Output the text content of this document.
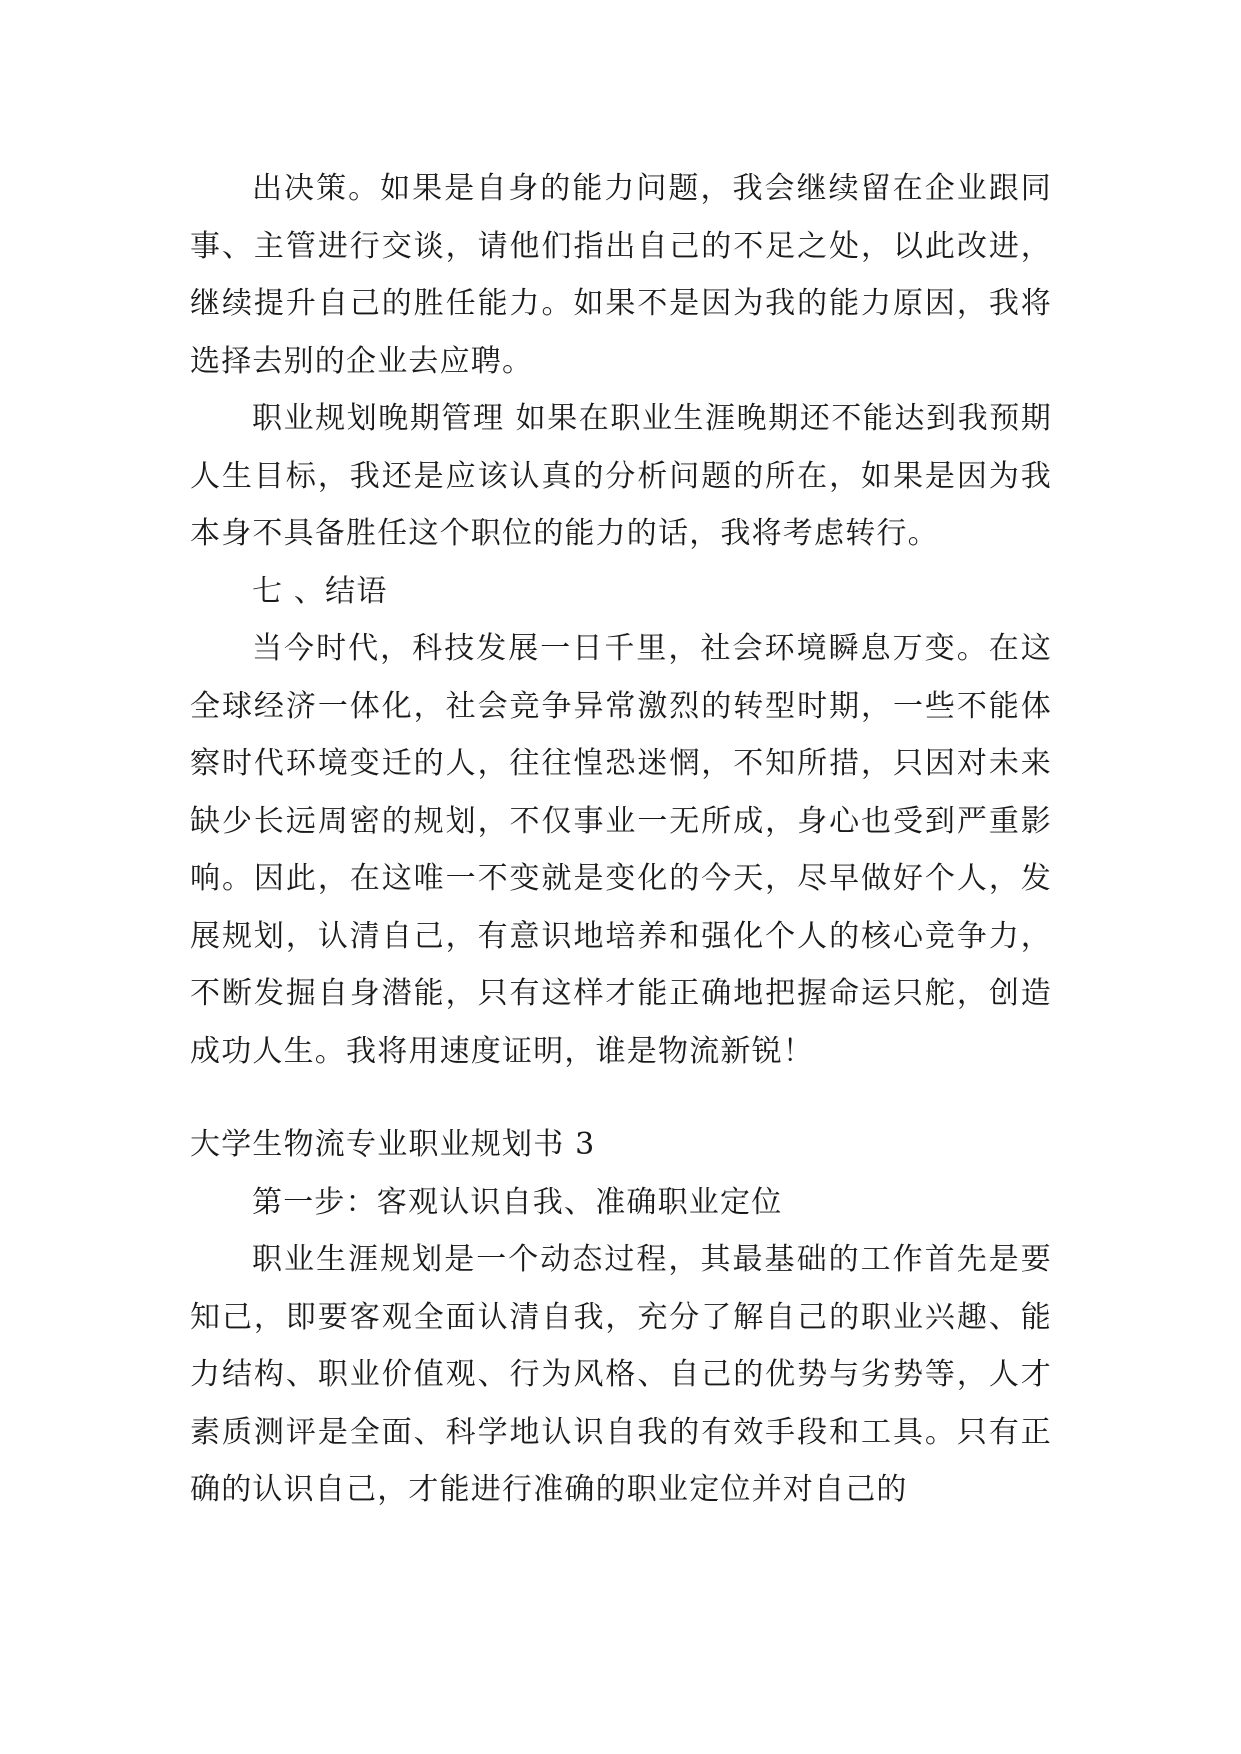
出决策。如果是自身的能力问题，我会继续留在企业跟同事、主管进行交谈，请他们指出自己的不足之处，以此改进，继续提升自己的胜任能力。如果不是因为我的能力原因，我将选择去别的企业去应聘。

职业规划晚期管理 如果在职业生涯晚期还不能达到我预期人生目标，我还是应该认真的分析问题的所在，如果是因为我本身不具备胜任这个职位的能力的话，我将考虑转行。

七 、结语

当今时代，科技发展一日千里，社会环境瞬息万变。在这全球经济一体化，社会竞争异常激烈的转型时期，一些不能体察时代环境变迁的人，往往惶恐迷惘，不知所措，只因对未来缺少长远周密的规划，不仅事业一无所成，身心也受到严重影响。因此，在这唯一不变就是变化的今天，尽早做好个人，发展规划，认清自己，有意识地培养和强化个人的核心竞争力，不断发掘自身潜能，只有这样才能正确地把握命运只舵，创造成功人生。我将用速度证明，谁是物流新锐！

大学生物流专业职业规划书 3

第一步：客观认识自我、准确职业定位

职业生涯规划是一个动态过程，其最基础的工作首先是要知己，即要客观全面认清自我，充分了解自己的职业兴趣、能力结构、职业价值观、行为风格、自己的优势与劣势等，人才素质测评是全面、科学地认识自我的有效手段和工具。只有正确的认识自己，才能进行准确的职业定位并对自己的
